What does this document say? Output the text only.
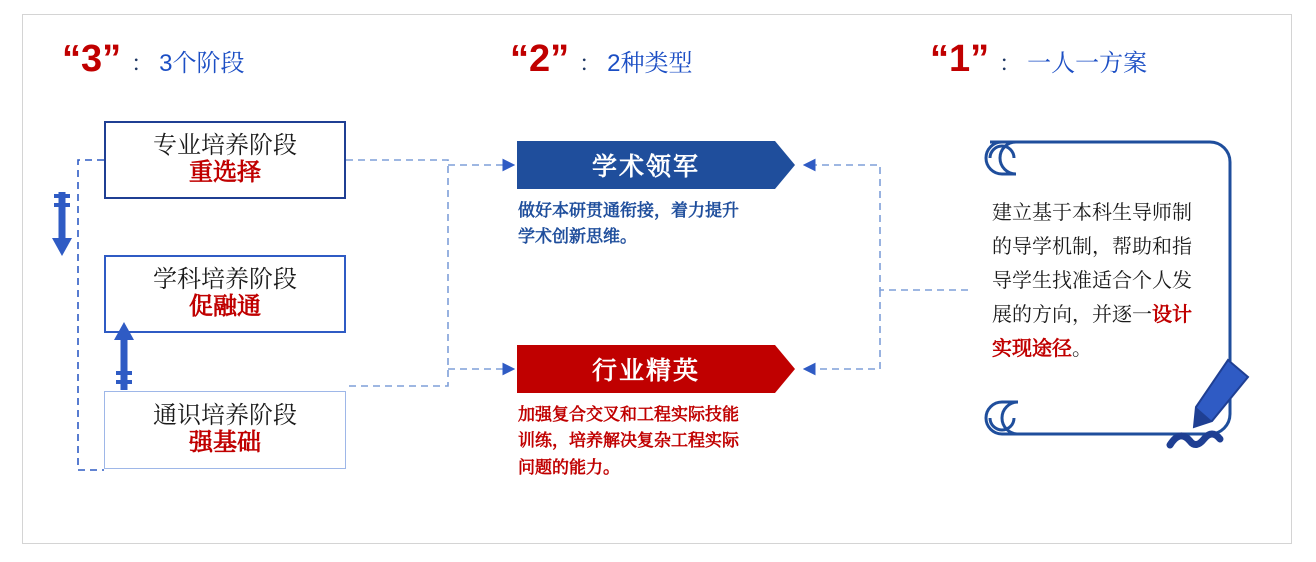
“3” ： 3个阶段	“2” ： 2种类型	“1” ： 一人一方案
专业培养阶段
重选择
学科培养阶段
促融通
通识培养阶段
强基础
学术领军
做好本研贯通衔接，着力提升学术创新思维。
行业精英
加强复合交叉和工程实际技能训练，培养解决复杂工程实际问题的能力。
建立基于本科生导师制的导学机制，帮助和指导学生找准适合个人发展的方向，并逐一设计实现途径。
